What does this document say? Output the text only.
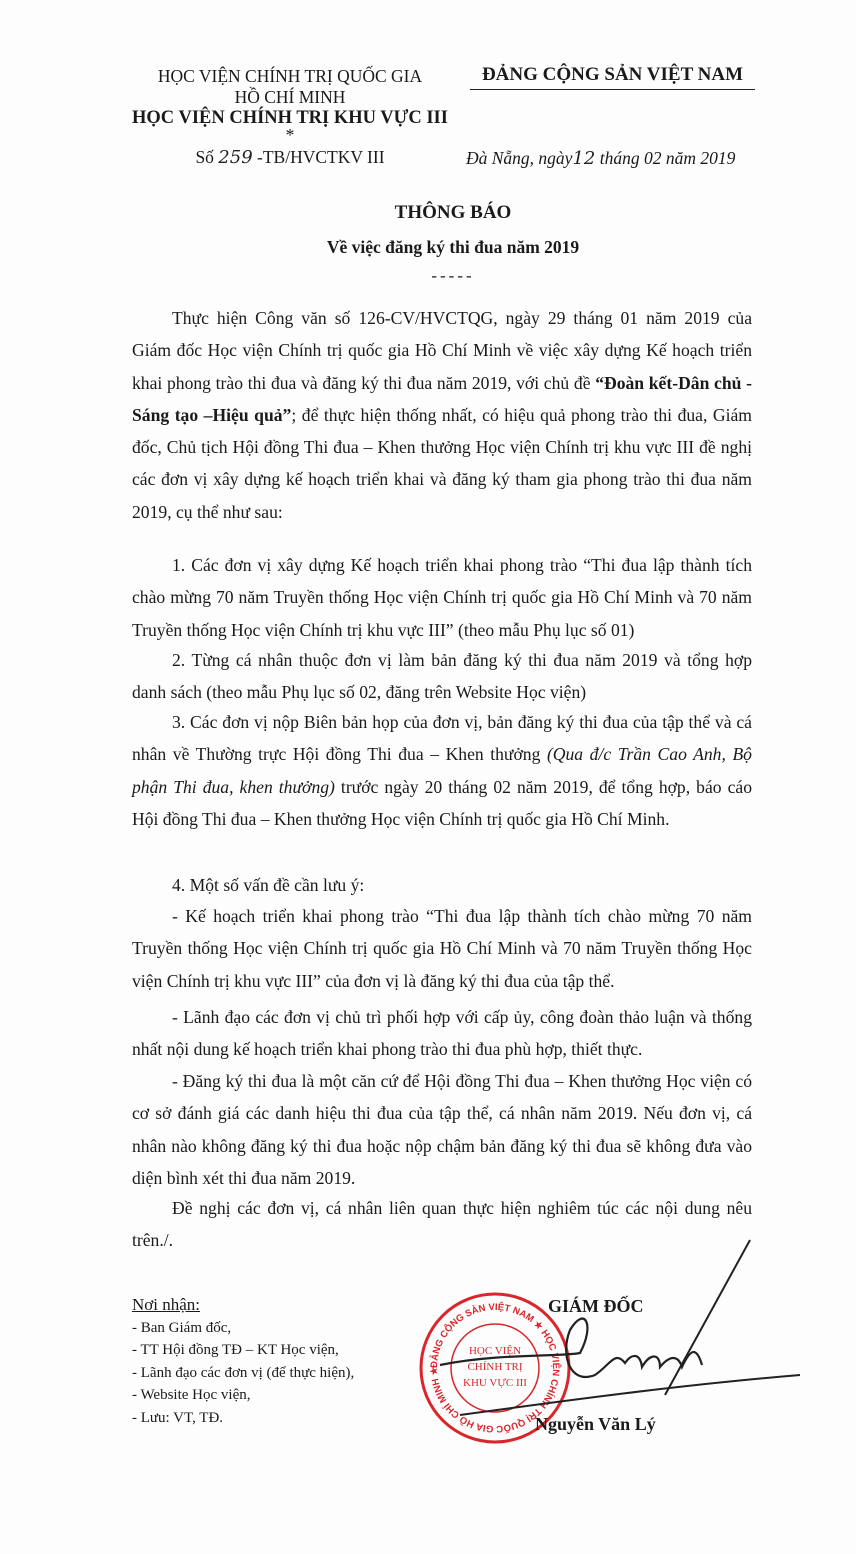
HỌC VIỆN CHÍNH TRỊ QUỐC GIA
HỒ CHÍ MINH
HỌC VIỆN CHÍNH TRỊ KHU VỰC III
*
Số 259 -TB/HVCTKV III
ĐẢNG CỘNG SẢN VIỆT NAM
Đà Nẵng, ngày12 tháng 02 năm 2019
THÔNG BÁO
Về việc đăng ký thi đua năm 2019
-----
Thực hiện Công văn số 126-CV/HVCTQG, ngày 29 tháng 01 năm 2019 của Giám đốc Học viện Chính trị quốc gia Hồ Chí Minh về việc xây dựng Kế hoạch triển khai phong trào thi đua và đăng ký thi đua năm 2019, với chủ đề “Đoàn kết-Dân chủ - Sáng tạo –Hiệu quả”; để thực hiện thống nhất, có hiệu quả phong trào thi đua, Giám đốc, Chủ tịch Hội đồng Thi đua – Khen thưởng Học viện Chính trị khu vực III đề nghị các đơn vị xây dựng kế hoạch triển khai và đăng ký tham gia phong trào thi đua năm 2019, cụ thể như sau:
1. Các đơn vị xây dựng Kế hoạch triển khai phong trào “Thi đua lập thành tích chào mừng 70 năm Truyền thống Học viện Chính trị quốc gia Hồ Chí Minh và 70 năm Truyền thống Học viện Chính trị khu vực III” (theo mẫu Phụ lục số 01)
2. Từng cá nhân thuộc đơn vị làm bản đăng ký thi đua năm 2019 và tổng hợp danh sách (theo mẫu Phụ lục số 02, đăng trên Website Học viện)
3. Các đơn vị nộp Biên bản họp của đơn vị, bản đăng ký thi đua của tập thể và cá nhân về Thường trực Hội đồng Thi đua – Khen thưởng (Qua đ/c Trần Cao Anh, Bộ phận Thi đua, khen thưởng) trước ngày 20 tháng 02 năm 2019, để tổng hợp, báo cáo Hội đồng Thi đua – Khen thưởng Học viện Chính trị quốc gia Hồ Chí Minh.
4. Một số vấn đề cần lưu ý:
- Kế hoạch triển khai phong trào “Thi đua lập thành tích chào mừng 70 năm Truyền thống Học viện Chính trị quốc gia Hồ Chí Minh và 70 năm Truyền thống Học viện Chính trị khu vực III” của đơn vị là đăng ký thi đua của tập thể.
- Lãnh đạo các đơn vị chủ trì phối hợp với cấp ủy, công đoàn thảo luận và thống nhất nội dung kế hoạch triển khai phong trào thi đua phù hợp, thiết thực.
- Đăng ký thi đua là một căn cứ để Hội đồng Thi đua – Khen thưởng Học viện có cơ sở đánh giá các danh hiệu thi đua của tập thể, cá nhân năm 2019. Nếu đơn vị, cá nhân nào không đăng ký thi đua hoặc nộp chậm bản đăng ký thi đua sẽ không đưa vào diện bình xét thi đua năm 2019.
Đề nghị các đơn vị, cá nhân liên quan thực hiện nghiêm túc các nội dung nêu trên./.
Nơi nhận:
- Ban Giám đốc,
- TT Hội đồng TĐ – KT Học viện,
- Lãnh đạo các đơn vị (để thực hiện),
- Website Học viện,
- Lưu: VT, TĐ.
ĐẢNG CỘNG SẢN VIỆT NAM ★ HỌC VIỆN CHÍNH TRỊ QUỐC GIA HỒ CHÍ MINH ★
HỌC VIỆN
CHÍNH TRỊ
KHU VỰC III
GIÁM ĐỐC
Nguyễn Văn Lý
